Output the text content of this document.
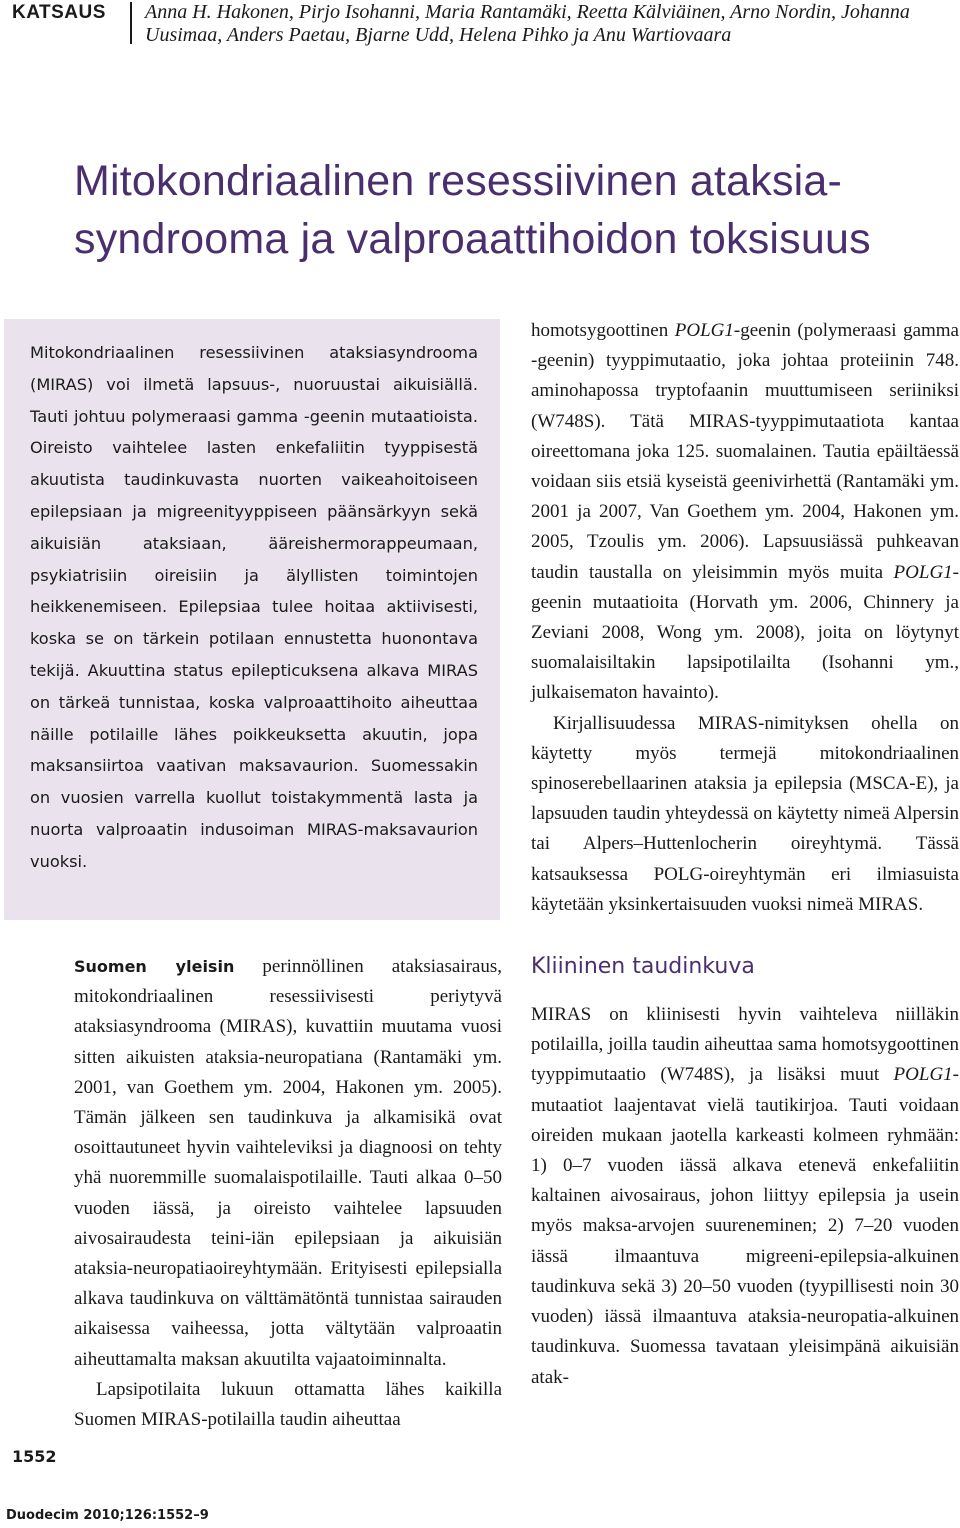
KATSAUS Anna H. Hakonen, Pirjo Isohanni, Maria Rantamäki, Reetta Kälviäinen, Arno Nordin, Johanna Uusimaa, Anders Paetau, Bjarne Udd, Helena Pihko ja Anu Wartiovaara

Mitokondriaalinen resessiivinen ataksiasyndrooma ja valproaattihoidon toksisuus

Mitokondriaalinen resessiivinen ataksiasyndrooma (MIRAS) voi ilmetä lapsuus-, nuoruustai aikuisiällä. Tauti johtuu polymeraasi gamma -geenin mutaatioista. Oireisto vaihtelee lasten enkefaliitin tyyppisestä akuutista taudinkuvasta nuorten vaikeahoitoiseen epilepsiaan ja migreenityyppiseen päänsärkyyn sekä aikuisiän ataksiaan, ääreishermorappeumaan, psykiatrisiin oireisiin ja älyllisten toimintojen heikkenemiseen. Epilepsiaa tulee hoitaa aktiivisesti, koska se on tärkein potilaan ennustetta huonontava tekijä. Akuuttina status epilepticuksena alkava MIRAS on tärkeä tunnistaa, koska valproaattihoito aiheuttaa näille potilaille lähes poikkeuksetta akuutin, jopa maksansiirtoa vaativan maksavaurion. Suomessakin on vuosien varrella kuollut toistakymmentä lasta ja nuorta valproaatin indusoiman MIRAS-maksavaurion vuoksi.

Suomen yleisin perinnöllinen ataksiasairaus, mitokondriaalinen resessiivisesti periytyvä ataksiasyndrooma (MIRAS), kuvattiin muutama vuosi sitten aikuisten ataksia-neuropatiana (Rantamäki ym. 2001, van Goethem ym. 2004, Hakonen ym. 2005). Tämän jälkeen sen taudinkuva ja alkamisikä ovat osoittautuneet hyvin vaihteleviksi ja diagnoosi on tehty yhä nuoremmille suomalaispotilaille. Tauti alkaa 0–50 vuoden iässä, ja oireisto vaihtelee lapsuuden aivosairaudesta teini-iän epilepsiaan ja aikuisiän ataksia-neuropatiaoireyhtymään. Erityisesti epilepsialla alkava taudinkuva on välttämätöntä tunnistaa sairauden aikaisessa vaiheessa, jotta vältytään valproaatin aiheuttamalta maksan akuutilta vajaatoiminnalta.

Lapsipotilaita lukuun ottamatta lähes kaikilla Suomen MIRAS-potilailla taudin aiheuttaa

homotsygoottinen POLG1-geenin (polymeraasi gamma -geenin) tyyppimutaatio, joka johtaa proteiinin 748. aminohapossa tryptofaanin muuttumiseen seriiniksi (W748S). Tätä MIRAS-tyyppimutaatiota kantaa oireettomana joka 125. suomalainen. Tautia epäiltäessä voidaan siis etsiä kyseistä geenivirhettä (Rantamäki ym. 2001 ja 2007, Van Goethem ym. 2004, Hakonen ym. 2005, Tzoulis ym. 2006). Lapsuusiässä puhkeavan taudin taustalla on yleisimmin myös muita POLG1-geenin mutaatioita (Horvath ym. 2006, Chinnery ja Zeviani 2008, Wong ym. 2008), joita on löytynyt suomalaisiltakin lapsipotilailta (Isohanni ym., julkaisematon havainto).

Kirjallisuudessa MIRAS-nimityksen ohella on käytetty myös termejä mitokondriaalinen spinoserebellaarinen ataksia ja epilepsia (MSCA-E), ja lapsuuden taudin yhteydessä on käytetty nimeä Alpersin tai Alpers–Huttenlocherin oireyhtymä. Tässä katsauksessa POLG-oireyhtymän eri ilmiasuista käytetään yksinkertaisuuden vuoksi nimeä MIRAS.

Kliininen taudinkuva

MIRAS on kliinisesti hyvin vaihteleva niilläkin potilailla, joilla taudin aiheuttaa sama homotsygoottinen tyyppimutaatio (W748S), ja lisäksi muut POLG1-mutaatiot laajentavat vielä tautikirjoa. Tauti voidaan oireiden mukaan jaotella karkeasti kolmeen ryhmään: 1) 0–7 vuoden iässä alkava etenevä enkefaliitin kaltainen aivosairaus, johon liittyy epilepsia ja usein myös maksa-arvojen suureneminen; 2) 7–20 vuoden iässä ilmaantuva migreeni-epilepsia-alkuinen taudinkuva sekä 3) 20–50 vuoden (tyypillisesti noin 30 vuoden) iässä ilmaantuva ataksia-neuropatia-alkuinen taudinkuva. Suomessa tavataan yleisimpänä aikuisiän atak-

1552
Duodecim 2010;126:1552–9
